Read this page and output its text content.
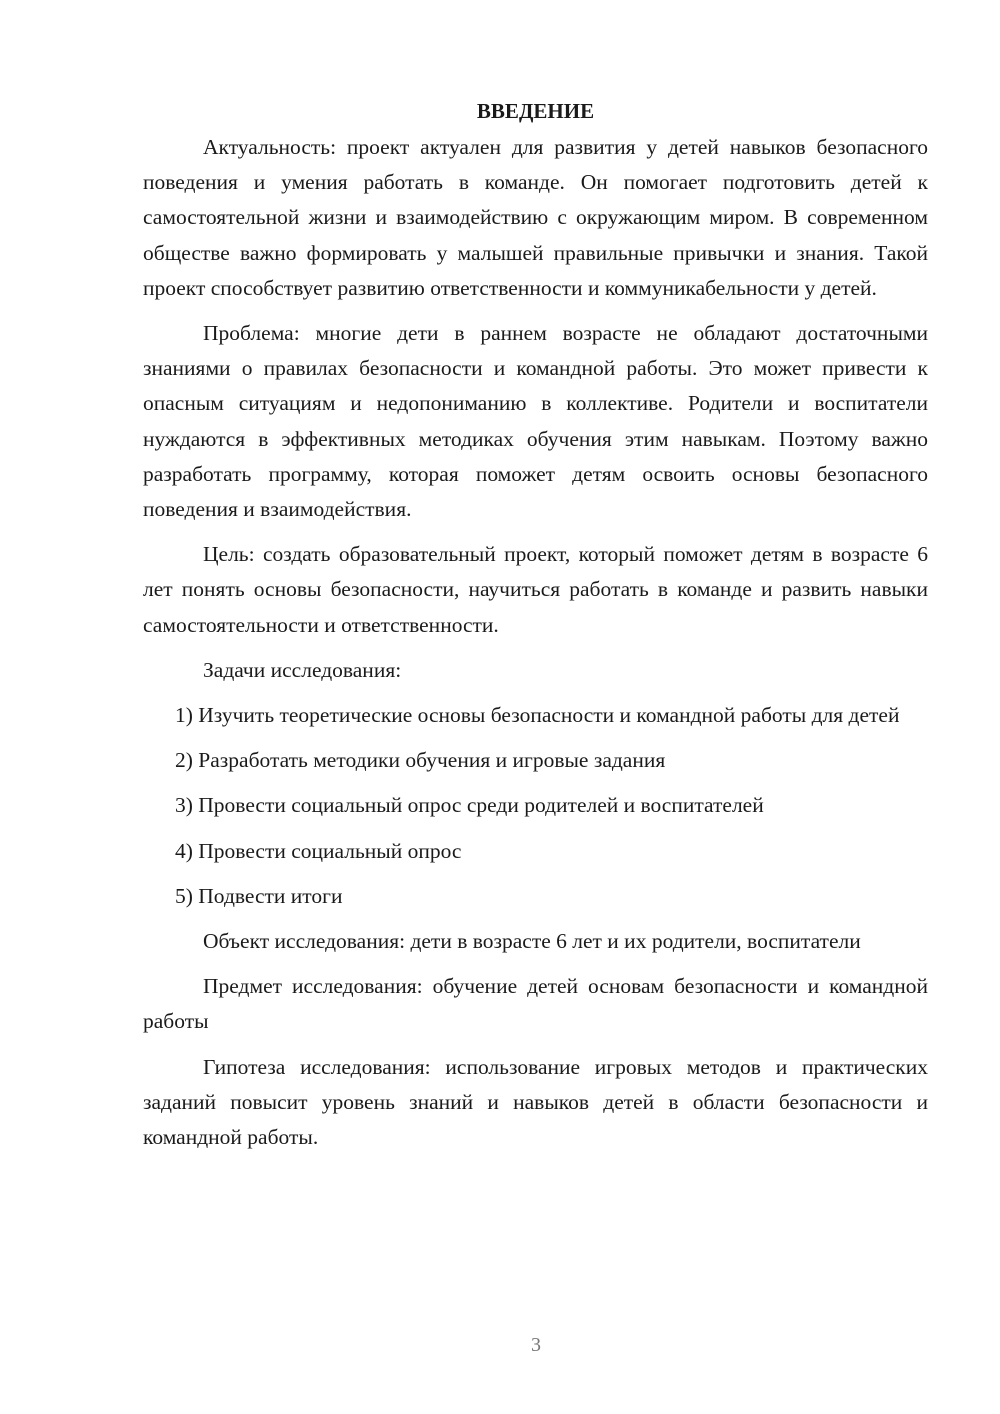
ВВЕДЕНИЕ

Актуальность: проект актуален для развития у детей навыков безопасного поведения и умения работать в команде. Он помогает подготовить детей к самостоятельной жизни и взаимодействию с окружающим миром. В современном обществе важно формировать у малышей правильные привычки и знания. Такой проект способствует развитию ответственности и коммуникабельности у детей.

Проблема: многие дети в раннем возрасте не обладают достаточными знаниями о правилах безопасности и командной работы. Это может привести к опасным ситуациям и недопониманию в коллективе. Родители и воспитатели нуждаются в эффективных методиках обучения этим навыкам. Поэтому важно разработать программу, которая поможет детям освоить основы безопасного поведения и взаимодействия.

Цель: создать образовательный проект, который поможет детям в возрасте 6 лет понять основы безопасности, научиться работать в команде и развить навыки самостоятельности и ответственности.

Задачи исследования:

1) Изучить теоретические основы безопасности и командной работы для детей

2) Разработать методики обучения и игровые задания

3) Провести социальный опрос среди родителей и воспитателей

4) Провести социальный опрос

5) Подвести итоги

Объект исследования: дети в возрасте 6 лет и их родители, воспитатели

Предмет исследования: обучение детей основам безопасности и командной работы

Гипотеза исследования: использование игровых методов и практических заданий повысит уровень знаний и навыков детей в области безопасности и командной работы.

3
